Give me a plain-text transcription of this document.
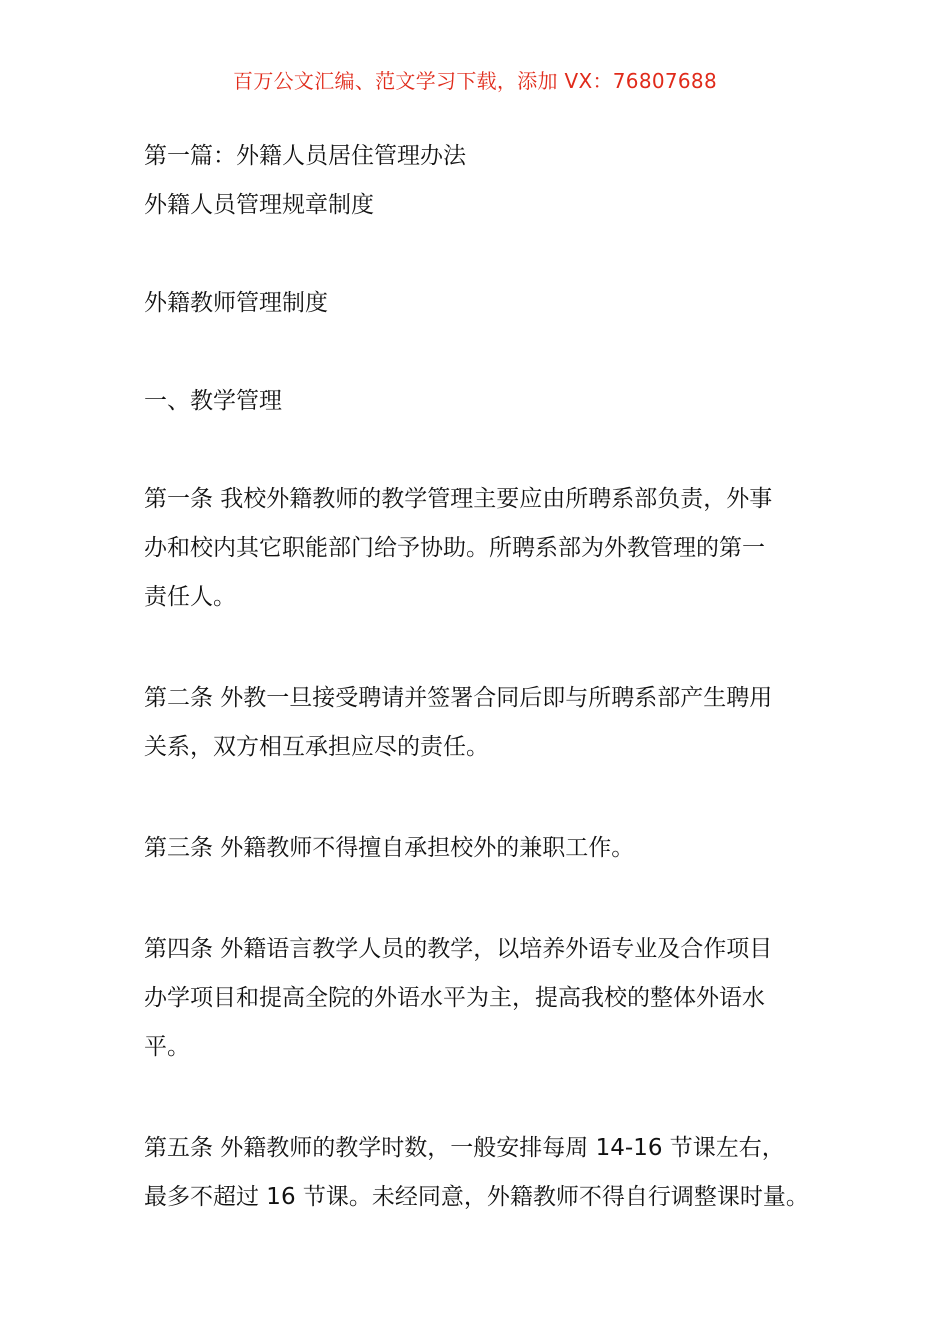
百万公文汇编、范文学习下载，添加 VX：76807688

第一篇：外籍人员居住管理办法

外籍人员管理规章制度

外籍教师管理制度

一、教学管理

第一条 我校外籍教师的教学管理主要应由所聘系部负责，外事
办和校内其它职能部门给予协助。所聘系部为外教管理的第一
责任人。
第二条 外教一旦接受聘请并签署合同后即与所聘系部产生聘用
关系，双方相互承担应尽的责任。
第三条 外籍教师不得擅自承担校外的兼职工作。
第四条 外籍语言教学人员的教学，以培养外语专业及合作项目
办学项目和提高全院的外语水平为主，提高我校的整体外语水
平。
第五条 外籍教师的教学时数，一般安排每周 14-16 节课左右，
最多不超过 16 节课。未经同意，外籍教师不得自行调整课时量。
